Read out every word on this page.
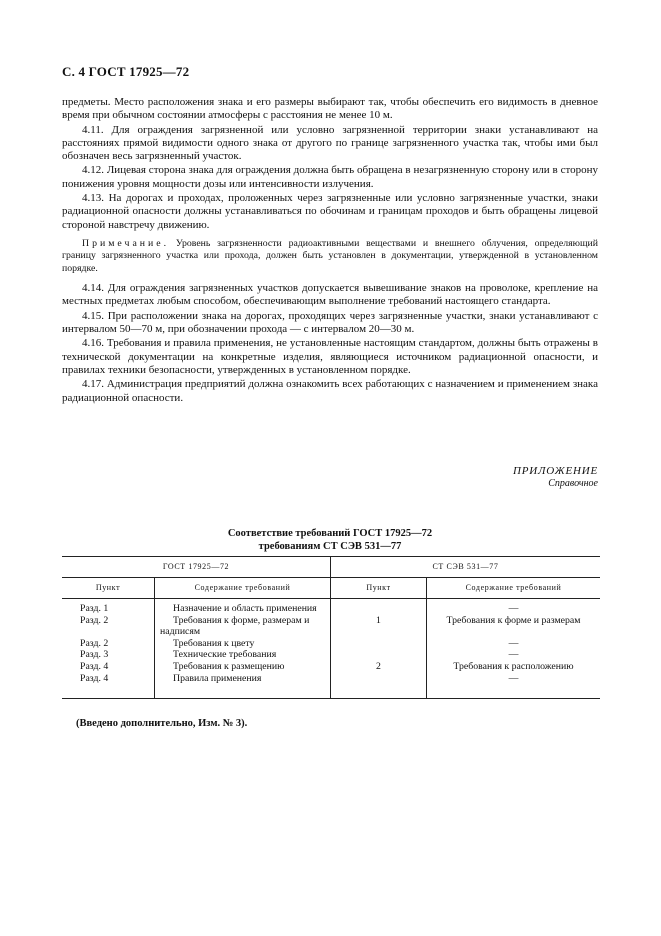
С. 4 ГОСТ 17925—72

предметы. Место расположения знака и его размеры выбирают так, чтобы обеспечить его видимость в дневное время при обычном состоянии атмосферы с расстояния не менее 10 м.

4.11. Для ограждения загрязненной или условно загрязненной территории знаки устанавливают на расстояниях прямой видимости одного знака от другого по границе загрязненного участка так, чтобы ими был обозначен весь загрязненный участок.

4.12. Лицевая сторона знака для ограждения должна быть обращена в незагрязненную сторону или в сторону понижения уровня мощности дозы или интенсивности излучения.

4.13. На дорогах и проходах, проложенных через загрязненные или условно загрязненные участки, знаки радиационной опасности должны устанавливаться по обочинам и границам проходов и быть обращены лицевой стороной навстречу движению.

Примечание. Уровень загрязненности радиоактивными веществами и внешнего облучения, определяющий границу загрязненного участка или прохода, должен быть установлен в документации, утвержденной в установленном порядке.

4.14. Для ограждения загрязненных участков допускается вывешивание знаков на проволоке, крепление на местных предметах любым способом, обеспечивающим выполнение требований настоящего стандарта.

4.15. При расположении знака на дорогах, проходящих через загрязненные участки, знаки устанавливают с интервалом 50—70 м, при обозначении прохода — с интервалом 20—30 м.

4.16. Требования и правила применения, не установленные настоящим стандартом, должны быть отражены в технической документации на конкретные изделия, являющиеся источником радиационной опасности, и правилах техники безопасности, утвержденных в установленном порядке.

4.17. Администрация предприятий должна ознакомить всех работающих с назначением и применением знака радиационной опасности.

ПРИЛОЖЕНИЕ
Справочное
Соответствие требований ГОСТ 17925—72
требованиям СТ СЭВ 531—77
ГОСТ 17925—72		СТ СЭВ 531—77	
Пункт	Содержание требований	Пункт	Содержание требований
Разд. 1	Назначение и область применения		—
Разд. 2	Требования к форме, размерам и надписям	1	Требования к форме и размерам
Разд. 2	Требования к цвету		—
Разд. 3	Технические требования		—
Разд. 4	Требования к размещению	2	Требования к расположению
Разд. 4	Правила применения		—
(Введено дополнительно, Изм. № 3).
